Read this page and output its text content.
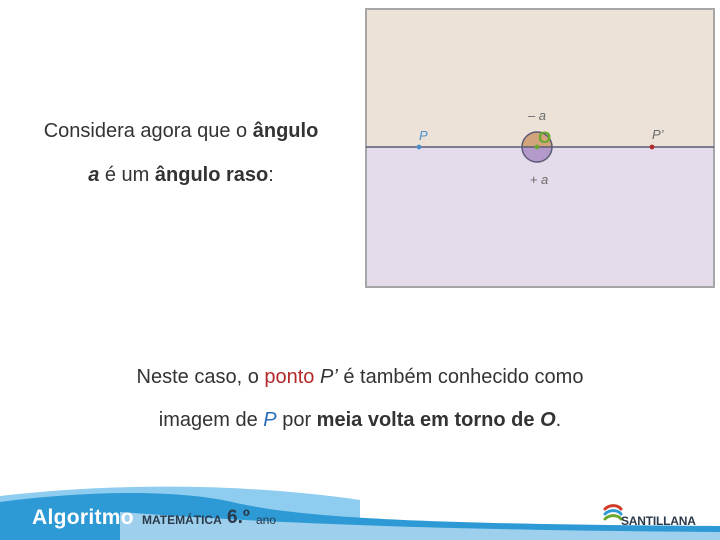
Considera agora que o ângulo

a é um ângulo raso:

– a
+ a
P	O	P’

Neste caso, o ponto P’ é também conhecido como

imagem de P por meia volta em torno de O.

Algoritmo MATEMÁTICA 6.º ano	SANTILLANA
